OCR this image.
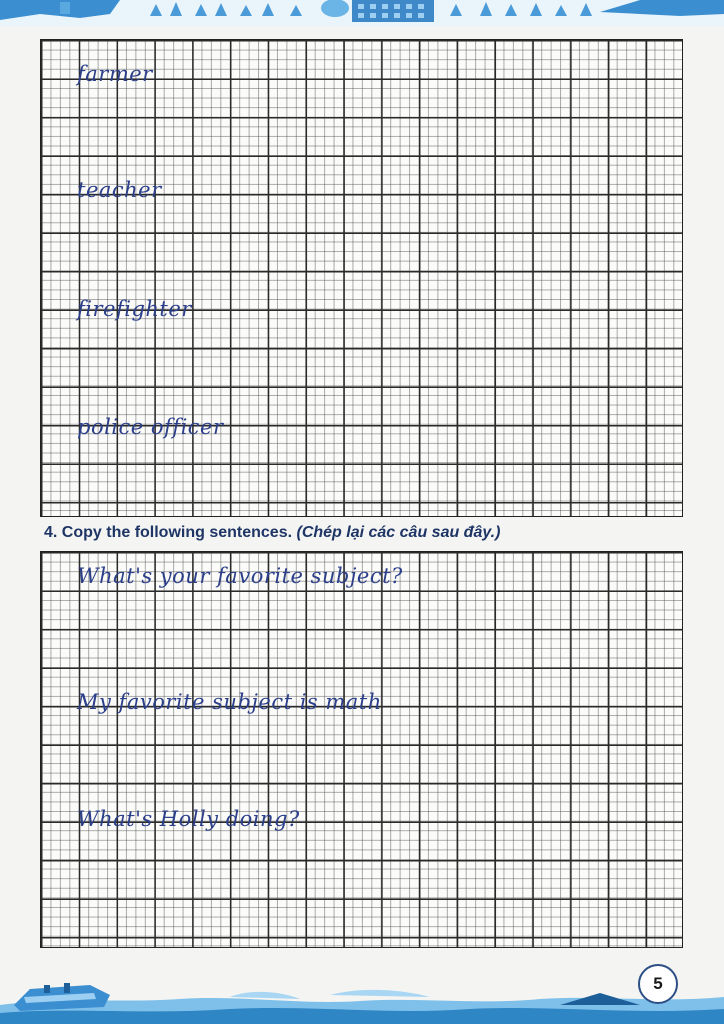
farmer
teacher
firefighter
police officer
4. Copy the following sentences. (Chép lại các câu sau đây.)
What's your favorite subject?
My favorite subject is math
What's Holly doing?
5
